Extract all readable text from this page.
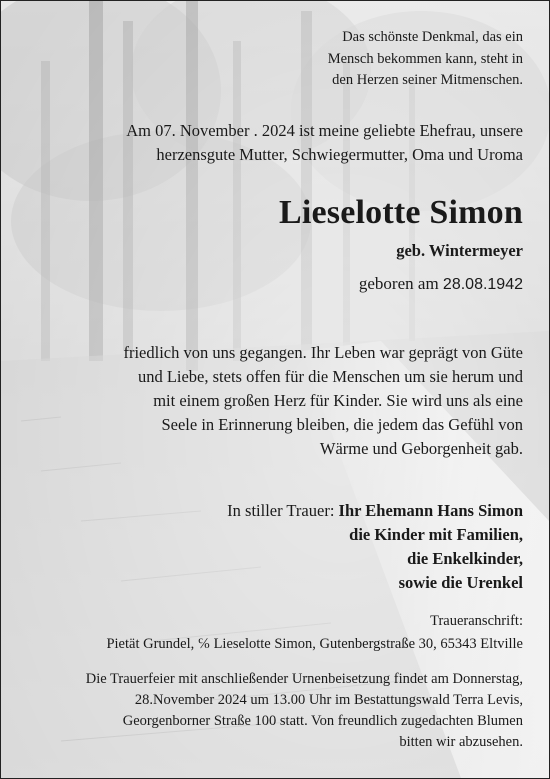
Das schönste Denkmal, das ein
Mensch bekommen kann, steht in
den Herzen seiner Mitmenschen.
Am 07. November . 2024 ist meine geliebte Ehefrau, unsere
herzensgute Mutter, Schwiegermutter, Oma und Uroma
Lieselotte Simon
geb. Wintermeyer
geboren am 28.08.1942
friedlich von uns gegangen. Ihr Leben war geprägt von Güte
und Liebe, stets offen für die Menschen um sie herum und
mit einem großen Herz für Kinder. Sie wird uns als eine
Seele in Erinnerung bleiben, die jedem das Gefühl von
Wärme und Geborgenheit gab.
In stiller Trauer: Ihr Ehemann Hans Simon
die Kinder mit Familien,
die Enkelkinder,
sowie die Urenkel
Traueranschrift:
Pietät Grundel, ℅ Lieselotte Simon, Gutenbergstraße 30, 65343 Eltville
Die Trauerfeier mit anschließender Urnenbeisetzung findet am Donnerstag,
28.November 2024 um 13.00 Uhr im Bestattungswald Terra Levis,
Georgenborner Straße 100 statt. Von freundlich zugedachten Blumen
bitten wir abzusehen.
